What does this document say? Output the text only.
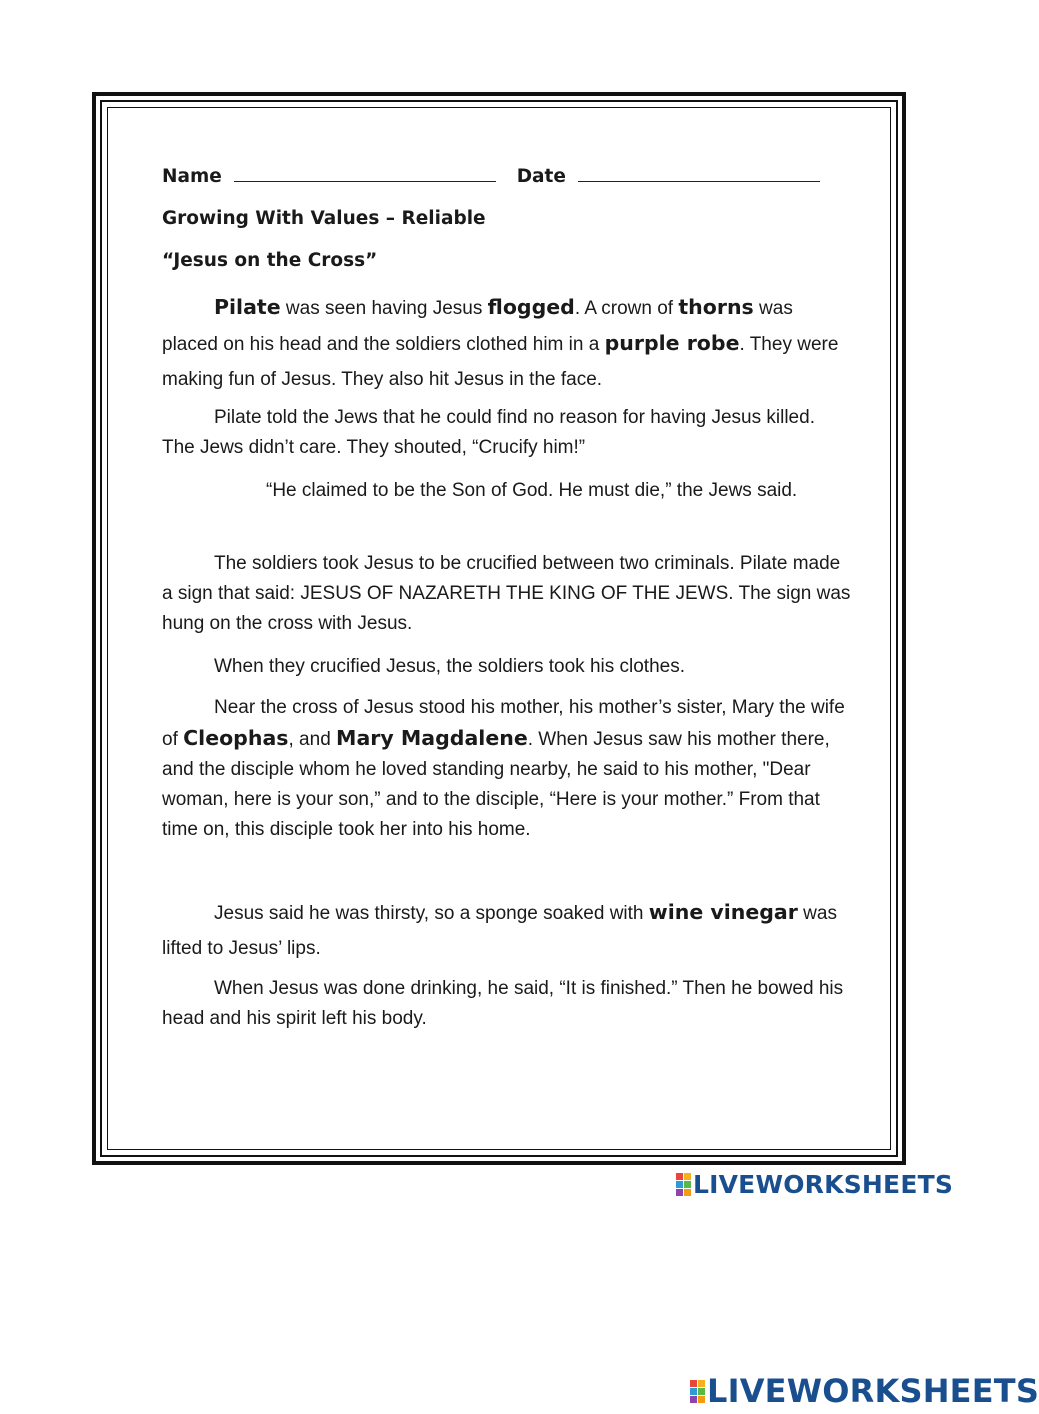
Name	Date
Growing With Values – Reliable
“Jesus on the Cross”

Pilate was seen having Jesus flogged. A crown of thorns was placed on his head and the soldiers clothed him in a purple robe. They were making fun of Jesus. They also hit Jesus in the face.

Pilate told the Jews that he could find no reason for having Jesus killed. The Jews didn’t care. They shouted, “Crucify him!”

“He claimed to be the Son of God. He must die,” the Jews said.

The soldiers took Jesus to be crucified between two criminals. Pilate made a sign that said: JESUS OF NAZARETH THE KING OF THE JEWS. The sign was hung on the cross with Jesus.

When they crucified Jesus, the soldiers took his clothes.

Near the cross of Jesus stood his mother, his mother’s sister, Mary the wife of Cleophas, and Mary Magdalene. When Jesus saw his mother there, and the disciple whom he loved standing nearby, he said to his mother, "Dear woman, here is your son,” and to the disciple, “Here is your mother.” From that time on, this disciple took her into his home.

Jesus said he was thirsty, so a sponge soaked with wine vinegar was lifted to Jesus’ lips.

When Jesus was done drinking, he said, “It is finished.” Then he bowed his head and his spirit left his body.

LIVEWORKSHEETS
LIVEWORKSHEETS
